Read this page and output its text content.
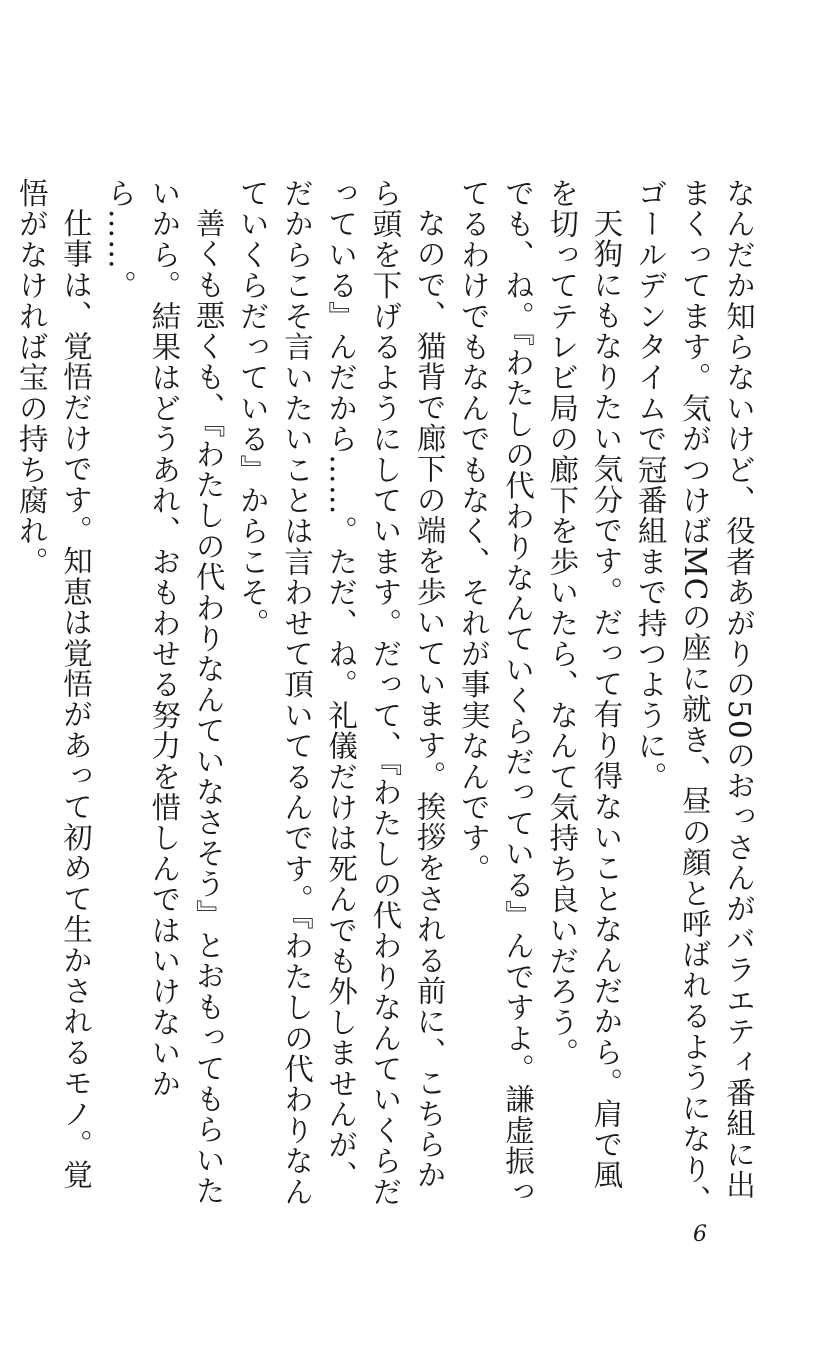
なんだか知らないけど、役者あがりの50のおっさんがバラエティ番組に出まくってます。気がつけばMCの座に就き、昼の顔と呼ばれるようになり、ゴールデンタイムで冠番組まで持つように。

天狗にもなりたい気分です。だって有り得ないことなんだから。肩で風を切ってテレビ局の廊下を歩いたら、なんて気持ち良いだろう。

でも、ね。『わたしの代わりなんていくらだっている』んですよ。謙虚振ってるわけでもなんでもなく、それが事実なんです。

なので、猫背で廊下の端を歩いています。挨拶をされる前に、こちらから頭を下げるようにしています。だって、『わたしの代わりなんていくらだっている』んだから……。ただ、ね。礼儀だけは死んでも外しませんが、だからこそ言いたいことは言わせて頂いてるんです。『わたしの代わりなんていくらだっている』からこそ。

善くも悪くも、『わたしの代わりなんていなさそう』とおもってもらいたいから。結果はどうあれ、おもわせる努力を惜しんではいけないから……。

仕事は、覚悟だけです。知恵は覚悟があって初めて生かされるモノ。覚悟がなければ宝の持ち腐れ。

6
